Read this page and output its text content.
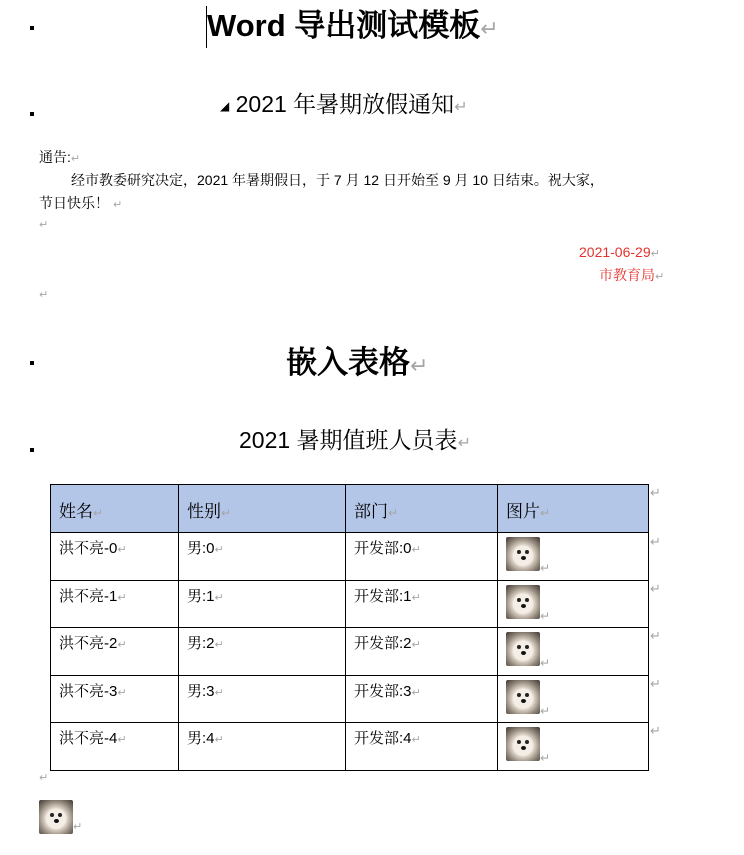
Word 导出测试模板↵
◢ 2021 年暑期放假通知↵
通告:↵
经市教委研究决定，2021 年暑期假日，于 7 月 12 日开始至 9 月 10 日结束。祝大家，
节日快乐！ ↵
↵
2021-06-29↵
市教育局↵
↵
嵌入表格↵
2021 暑期值班人员表↵
姓名↵	性别↵	部门↵	图片↵
洪不亮-0↵	男:0↵	开发部:0↵	↵

洪不亮-1↵	男:1↵	开发部:1↵	↵

洪不亮-2↵	男:2↵	开发部:2↵	↵

洪不亮-3↵	男:3↵	开发部:3↵	↵

洪不亮-4↵	男:4↵	开发部:4↵	↵
↵
↵
↵
↵
↵
↵
↵
↵
